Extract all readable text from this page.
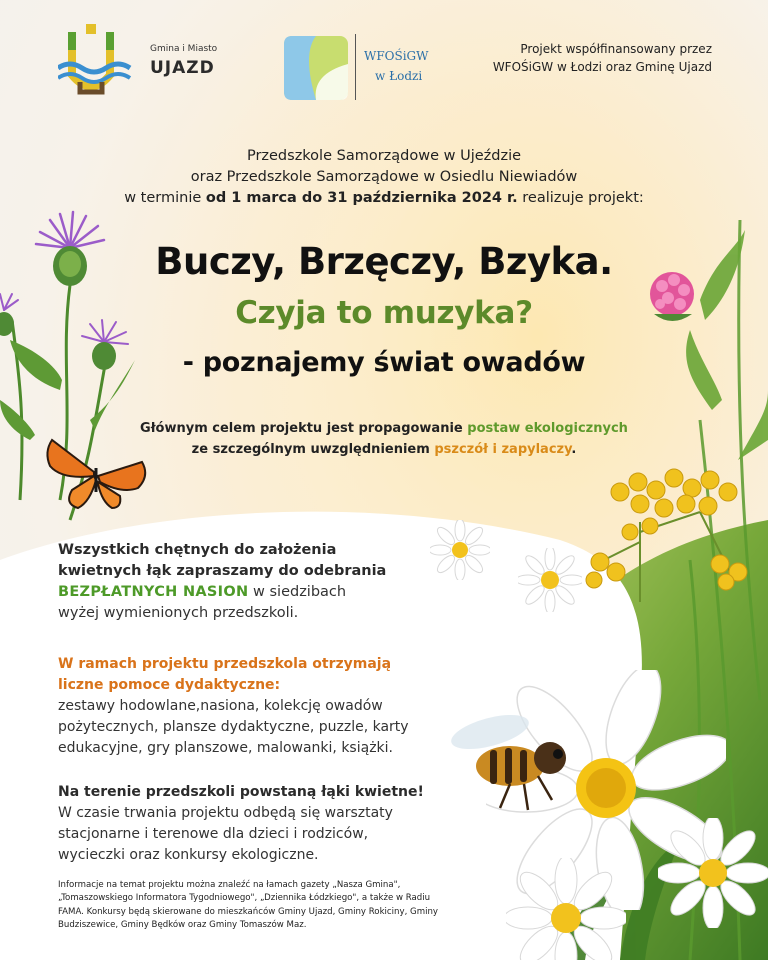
Gmina i Miasto
UJAZD
WFOŚiGW
w Łodzi
Projekt współfinansowany przez
WFOŚiGW w Łodzi oraz Gminę Ujazd
Przedszkole Samorządowe w Ujeździe
oraz Przedszkole Samorządowe w Osiedlu Niewiadów
w terminie od 1 marca do 31 października 2024 r. realizuje projekt:
Buczy, Brzęczy, Bzyka.
Czyja to muzyka?
- poznajemy świat owadów
Głównym celem projektu jest propagowanie postaw ekologicznych
ze szczególnym uwzględnieniem pszczół i zapylaczy.
Wszystkich chętnych do założenia
kwietnych łąk zapraszamy do odebrania
BEZPŁATNYCH NASION w siedzibach
wyżej wymienionych przedszkoli.
W ramach projektu przedszkola otrzymają
liczne pomoce dydaktyczne:
zestawy hodowlane,nasiona, kolekcję owadów
pożytecznych, plansze dydaktyczne, puzzle, karty
edukacyjne, gry planszowe, malowanki, książki.
Na terenie przedszkoli powstaną łąki kwietne!
W czasie trwania projektu odbędą się warsztaty
stacjonarne i terenowe dla dzieci i rodziców,
wycieczki oraz konkursy ekologiczne.
Informacje na temat projektu można znaleźć na łamach gazety „Nasza Gmina",
„Tomaszowskiego Informatora Tygodniowego", „Dziennika Łódzkiego", a także w Radiu
FAMA. Konkursy będą skierowane do mieszkańców Gminy Ujazd, Gminy Rokiciny, Gminy
Budziszewice, Gminy Będków oraz Gminy Tomaszów Maz.
